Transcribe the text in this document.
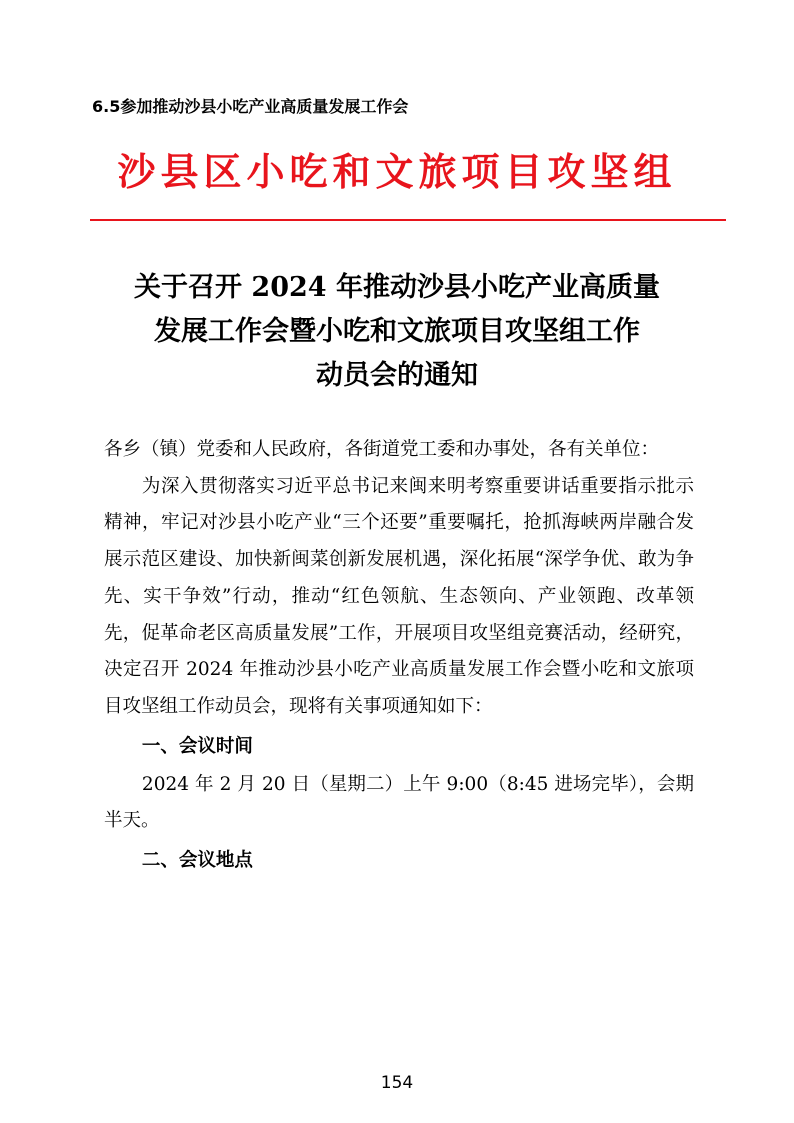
6.5参加推动沙县小吃产业高质量发展工作会
沙县区小吃和文旅项目攻坚组
关于召开 2024 年推动沙县小吃产业高质量
发展工作会暨小吃和文旅项目攻坚组工作
动员会的通知

各乡（镇）党委和人民政府，各街道党工委和办事处，各有关单位：

为深入贯彻落实习近平总书记来闽来明考察重要讲话重要指示批示精神，牢记对沙县小吃产业“三个还要”重要嘱托，抢抓海峡两岸融合发展示范区建设、加快新闽菜创新发展机遇，深化拓展“深学争优、敢为争先、实干争效”行动，推动“红色领航、生态领向、产业领跑、改革领先，促革命老区高质量发展”工作，开展项目攻坚组竞赛活动，经研究，决定召开 2024 年推动沙县小吃产业高质量发展工作会暨小吃和文旅项目攻坚组工作动员会，现将有关事项通知如下：

一、会议时间

2024 年 2 月 20 日（星期二）上午 9:00（8:45 进场完毕），会期半天。

二、会议地点

154
